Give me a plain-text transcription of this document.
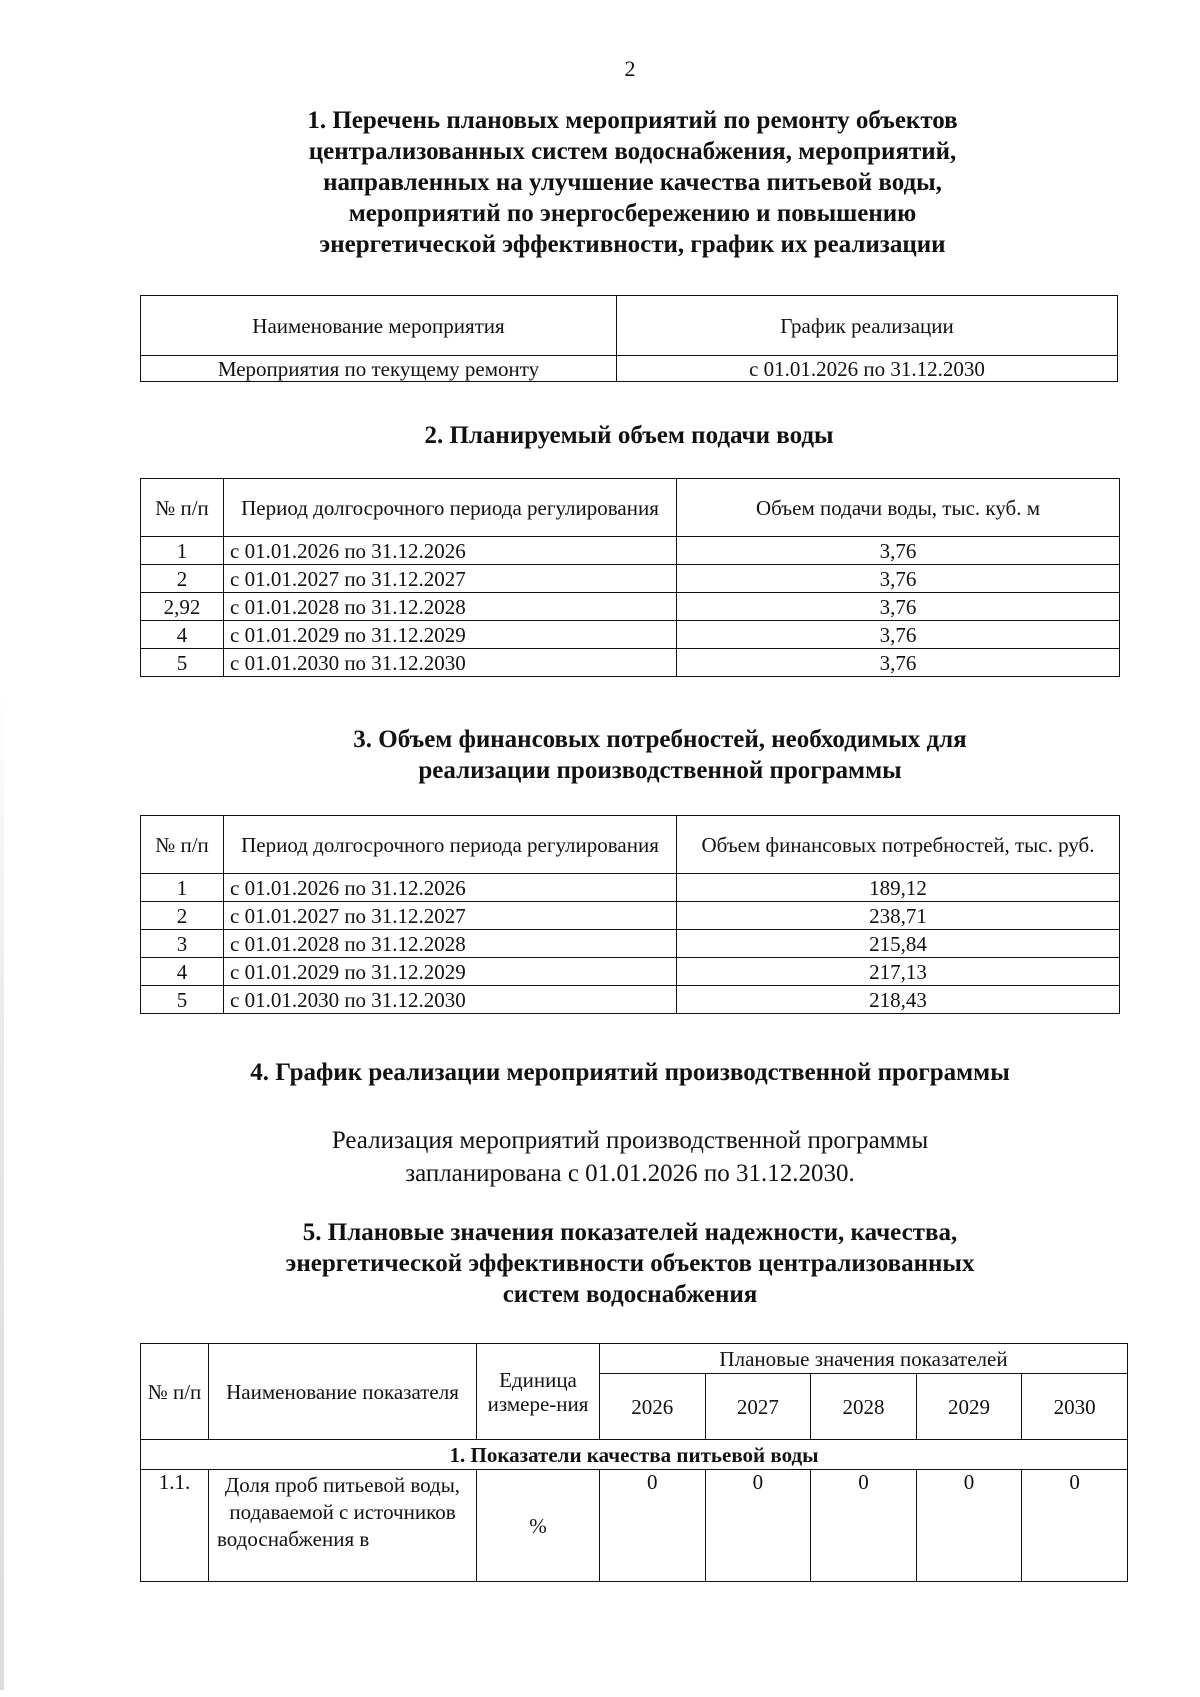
2
1. Перечень плановых мероприятий по ремонту объектов
централизованных систем водоснабжения, мероприятий,
направленных на улучшение качества питьевой воды,
мероприятий по энергосбережению и повышению
энергетической эффективности, график их реализации
Наименование мероприятия	График реализации
Мероприятия по текущему ремонту	с 01.01.2026 по 31.12.2030
2. Планируемый объем подачи воды
№ п/п	Период долгосрочного периода регулирования	Объем подачи воды, тыс. куб. м
1	с 01.01.2026 по 31.12.2026	3,76
2	с 01.01.2027 по 31.12.2027	3,76
2,92	с 01.01.2028 по 31.12.2028	3,76
4	с 01.01.2029 по 31.12.2029	3,76
5	с 01.01.2030 по 31.12.2030	3,76
3. Объем финансовых потребностей, необходимых для
реализации производственной программы
№ п/п	Период долгосрочного периода регулирования	Объем финансовых потребностей, тыс. руб.
1	с 01.01.2026 по 31.12.2026	189,12
2	с 01.01.2027 по 31.12.2027	238,71
3	с 01.01.2028 по 31.12.2028	215,84
4	с 01.01.2029 по 31.12.2029	217,13
5	с 01.01.2030 по 31.12.2030	218,43
4. График реализации мероприятий производственной программы
Реализация мероприятий производственной программы
запланирована с 01.01.2026 по 31.12.2030.
5. Плановые значения показателей надежности, качества,
энергетической эффективности объектов централизованных
систем водоснабжения
№ п/п	Наименование показателя	Единица измере-ния	Плановые значения показателей				
			2026	2027	2028	2029	2030
1. Показатели качества питьевой воды							
1.1.	Доля проб питьевой воды, подаваемой с источников водоснабжения в	%	0	0	0	0	0
